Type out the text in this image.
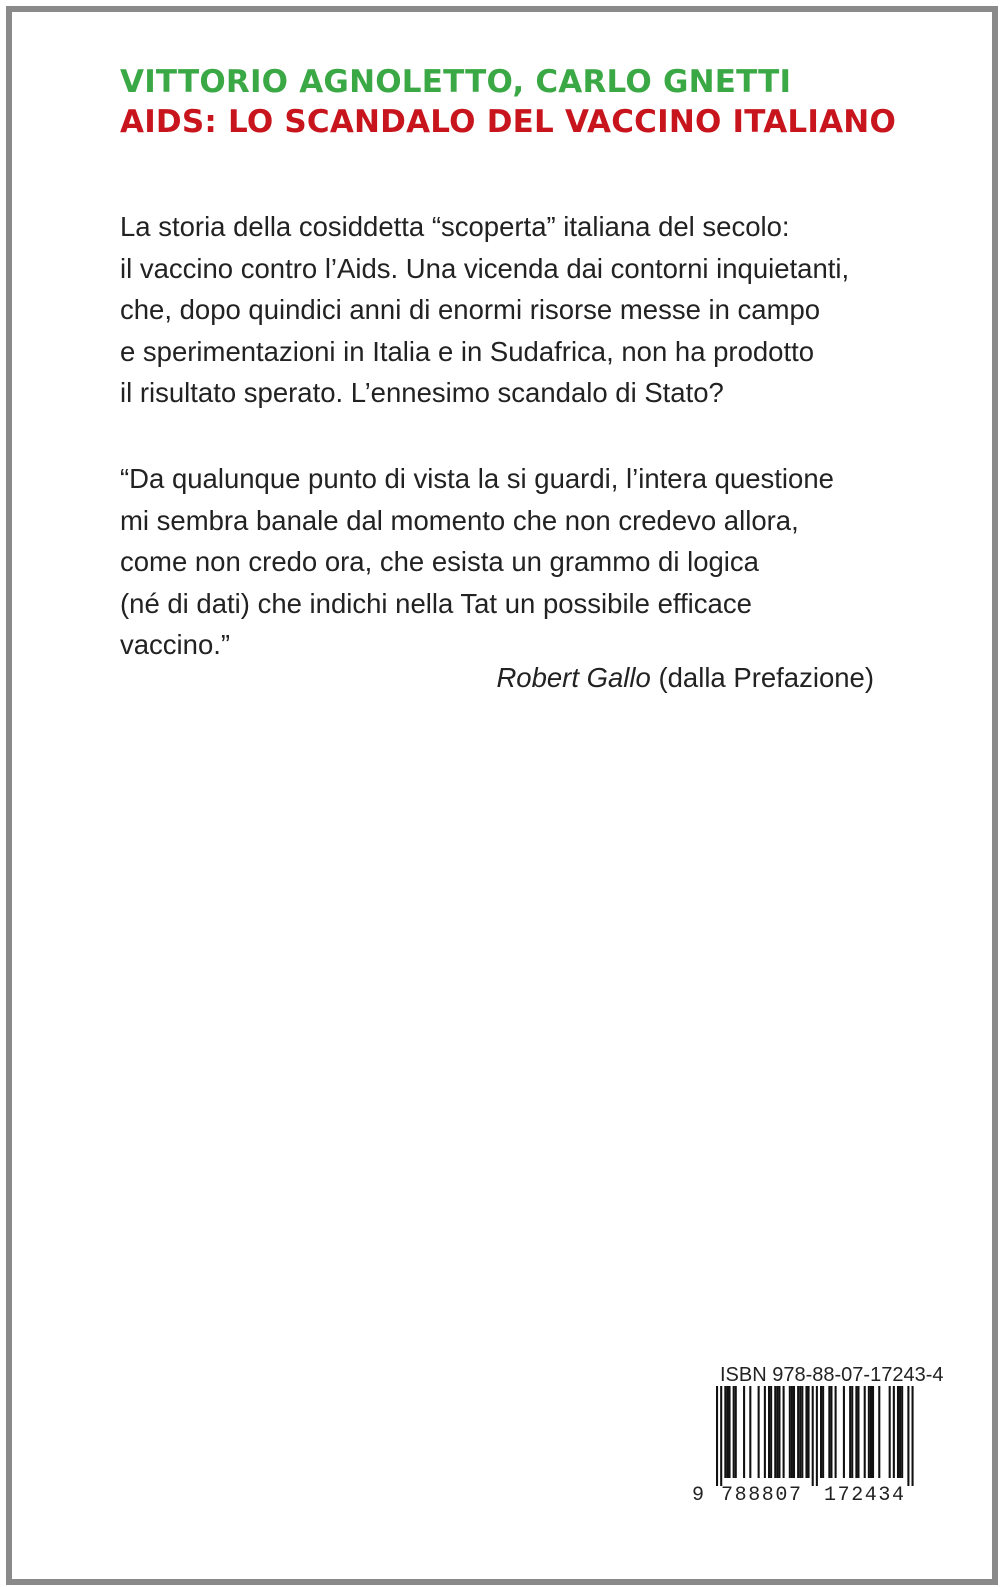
VITTORIO AGNOLETTO, CARLO GNETTI
AIDS: LO SCANDALO DEL VACCINO ITALIANO

La storia della cosiddetta “scoperta” italiana del secolo:
il vaccino contro l’Aids. Una vicenda dai contorni inquietanti,
che, dopo quindici anni di enormi risorse messe in campo
e sperimentazioni in Italia e in Sudafrica, non ha prodotto
il risultato sperato. L’ennesimo scandalo di Stato?

“Da qualunque punto di vista la si guardi, l’intera questione
mi sembra banale dal momento che non credevo allora,
come non credo ora, che esista un grammo di logica
(né di dati) che indichi nella Tat un possibile efficace
vaccino.”

Robert Gallo (dalla Prefazione)
ISBN 978-88-07-17243-4
9 788807 172434
